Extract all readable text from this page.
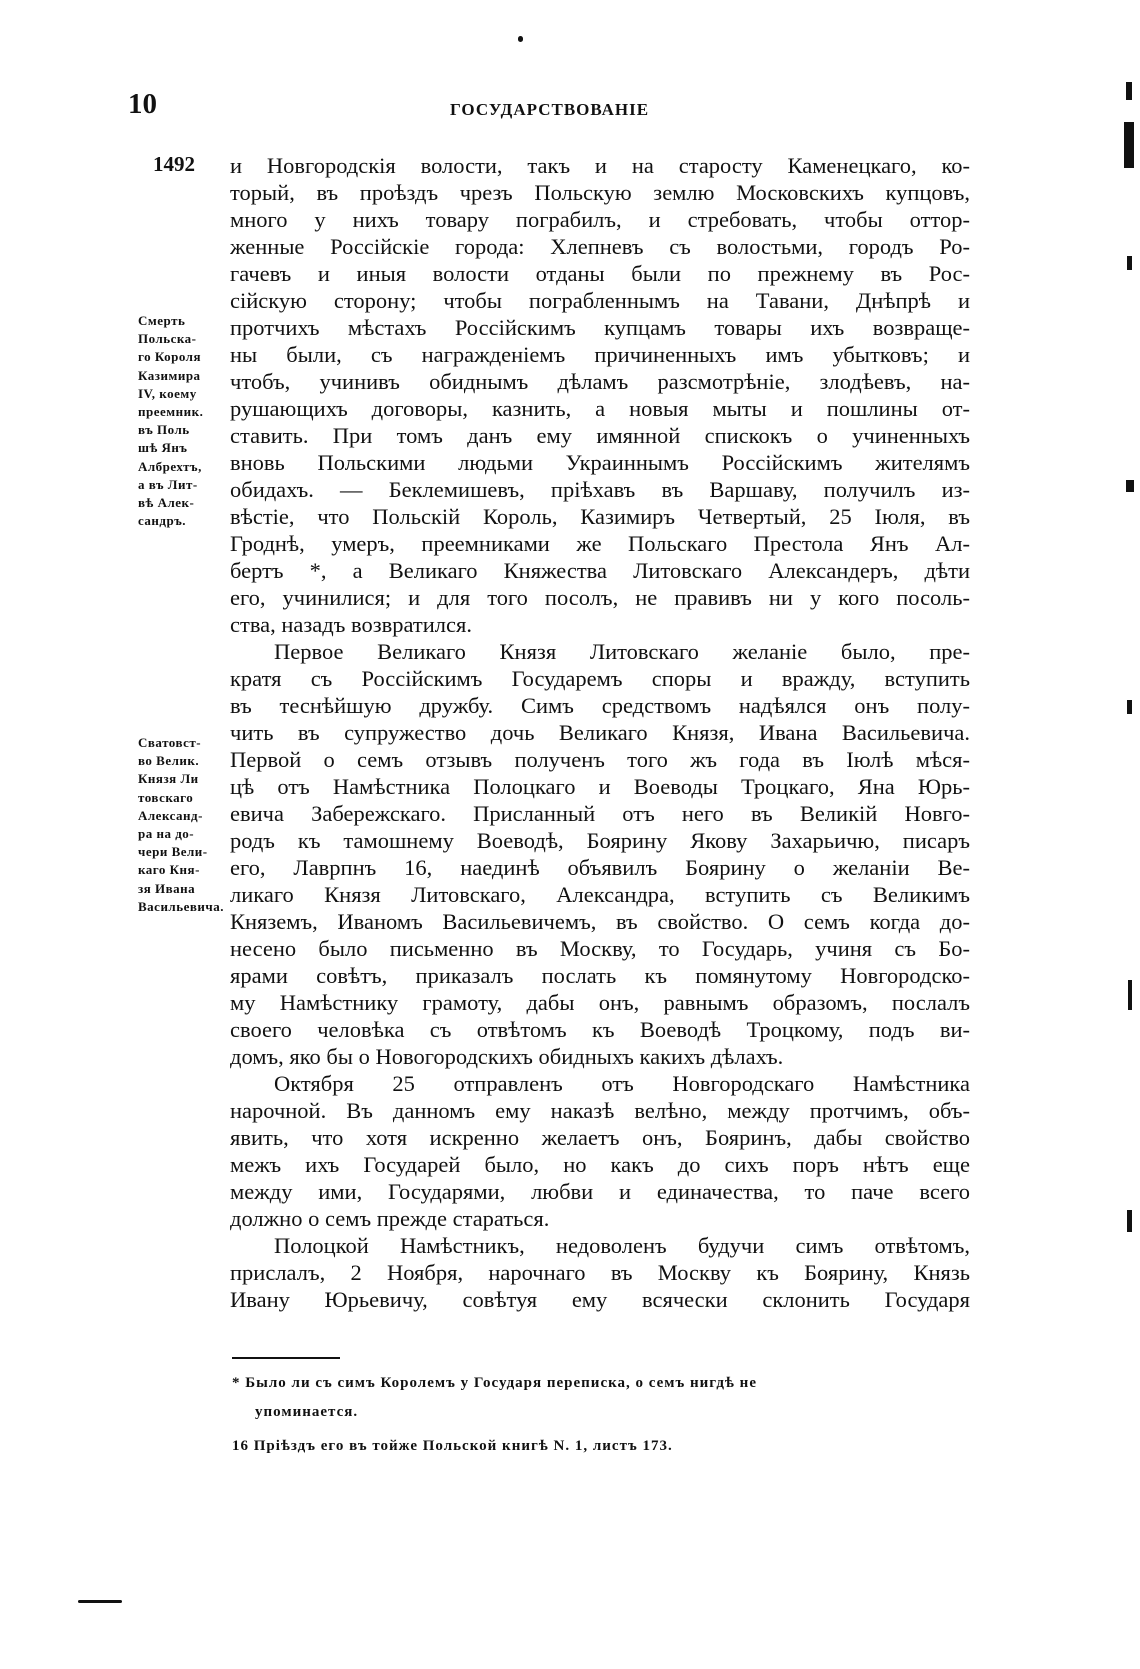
10	ГОСУДАРСТВОВАНІЕ
1492
Смерть
Польска-
го Короля
Казимира
IV, коему
преемник.
въ Поль
шѣ Янъ
Албрехтъ,
а въ Лит-
вѣ Алек-
сандръ.
Сватовст-
во Велик.
Князя Ли
товскаго
Александ-
ра на до-
чери Вели-
каго Кня-
зя Ивана
Васильевича.
и Новгородскія волости, такъ и на старосту Каменецкаго, ко-
торый, въ проѣздъ чрезъ Польскую землю Московскихъ купцовъ,
много у нихъ товару пограбилъ, и стребовать, чтобы оттор-
женные Россійскіе города: Хлепневъ съ волостьми, городъ Ро-
гачевъ и иныя волости отданы были по прежнему въ Рос-
сійскую сторону; чтобы пограбленнымъ на Тавани, Днѣпрѣ и
протчихъ мѣстахъ Россійскимъ купцамъ товары ихъ возвраще-
ны были, съ награжденіемъ причиненныхъ имъ убытковъ; и
чтобъ, учинивъ обиднымъ дѣламъ разсмотрѣніе, злодѣевъ, на-
рушающихъ договоры, казнить, а новыя мыты и пошлины от-
ставить. При томъ данъ ему имянной спискокъ о учиненныхъ
вновь Польскими людьми Украиннымъ Россійскимъ жителямъ
обидахъ. — Беклемишевъ, пріѣхавъ въ Варшаву, получилъ из-
вѣстіе, что Польскій Король, Казимиръ Четвертый, 25 Іюля, въ
Гроднѣ, умеръ, преемниками же Польскаго Престола Янъ Ал-
бертъ *, а Великаго Княжества Литовскаго Александеръ, дѣти
его, учинилися; и для того посолъ, не правивъ ни у кого посоль-
ства, назадъ возвратился.
Первое Великаго Князя Литовскаго желаніе было, пре-
кратя съ Россійскимъ Государемъ споры и вражду, вступить
въ теснѣйшую дружбу. Симъ средствомъ надѣялся онъ полу-
чить въ супружество дочь Великаго Князя, Ивана Васильевича.
Первой о семъ отзывъ полученъ того жъ года въ Іюлѣ мѣся-
цѣ отъ Намѣстника Полоцкаго и Воеводы Троцкаго, Яна Юрь-
евича Забережскаго. Присланный отъ него въ Великій Новго-
родъ къ тамошнему Воеводѣ, Боярину Якову Захарьичю, писаръ
его, Лаврпнъ 16, наединѣ объявилъ Боярину о желаніи Ве-
ликаго Князя Литовскаго, Александра, вступить съ Великимъ
Княземъ, Иваномъ Васильевичемъ, въ свойство. О семъ когда до-
несено было письменно въ Москву, то Государь, учиня съ Бо-
ярами совѣтъ, приказалъ послать къ помянутому Новгородско-
му Намѣстнику грамоту, дабы онъ, равнымъ образомъ, послалъ
своего человѣка съ отвѣтомъ къ Воеводѣ Троцкому, подъ ви-
домъ, яко бы о Новогородскихъ обидныхъ какихъ дѣлахъ.
Октября 25 отправленъ отъ Новгородскаго Намѣстника
нарочной. Въ данномъ ему наказѣ велѣно, между протчимъ, объ-
явить, что хотя искренно желаетъ онъ, Бояринъ, дабы свойство
межъ ихъ Государей было, но какъ до сихъ поръ нѣтъ еще
между ими, Государями, любви и единачества, то паче всего
должно о семъ прежде стараться.
Полоцкой Намѣстникъ, недоволенъ будучи симъ отвѣтомъ,
прислалъ, 2 Ноября, нарочнаго въ Москву къ Боярину, Князь
Ивану Юрьевичу, совѣтуя ему всячески склонить Государя
* Было ли съ симъ Королемъ у Государя переписка, о семъ нигдѣ не
упоминается.
16 Пріѣздъ его въ тойже Польской книгѣ N. 1, листъ 173.
